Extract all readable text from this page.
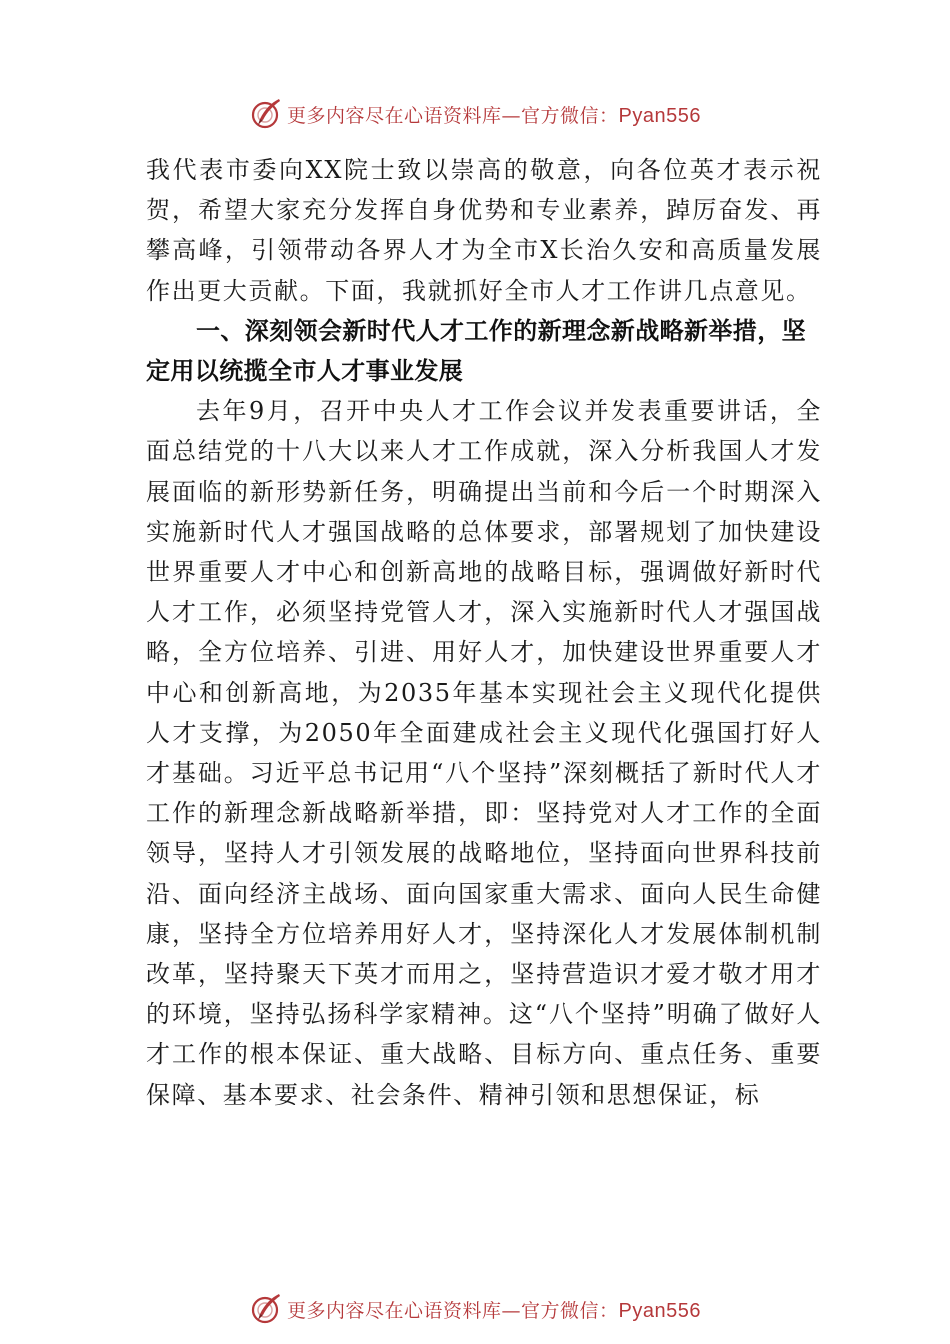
更多内容尽在心语资料库—官方微信：Pyan556

我代表市委向XX院士致以崇高的敬意，向各位英才表示祝贺，希望大家充分发挥自身优势和专业素养，踔厉奋发、再攀高峰，引领带动各界人才为全市X长治久安和高质量发展作出更大贡献。下面，我就抓好全市人才工作讲几点意见。

一、深刻领会新时代人才工作的新理念新战略新举措，坚定用以统揽全市人才事业发展

去年9月，召开中央人才工作会议并发表重要讲话，全面总结党的十八大以来人才工作成就，深入分析我国人才发展面临的新形势新任务，明确提出当前和今后一个时期深入实施新时代人才强国战略的总体要求，部署规划了加快建设世界重要人才中心和创新高地的战略目标，强调做好新时代人才工作，必须坚持党管人才，深入实施新时代人才强国战略，全方位培养、引进、用好人才，加快建设世界重要人才中心和创新高地，为2035年基本实现社会主义现代化提供人才支撑，为2050年全面建成社会主义现代化强国打好人才基础。习近平总书记用“八个坚持”深刻概括了新时代人才工作的新理念新战略新举措，即：坚持党对人才工作的全面领导，坚持人才引领发展的战略地位，坚持面向世界科技前沿、面向经济主战场、面向国家重大需求、面向人民生命健康，坚持全方位培养用好人才，坚持深化人才发展体制机制改革，坚持聚天下英才而用之，坚持营造识才爱才敬才用才的环境，坚持弘扬科学家精神。这“八个坚持”明确了做好人才工作的根本保证、重大战略、目标方向、重点任务、重要保障、基本要求、社会条件、精神引领和思想保证，标

更多内容尽在心语资料库—官方微信：Pyan556
